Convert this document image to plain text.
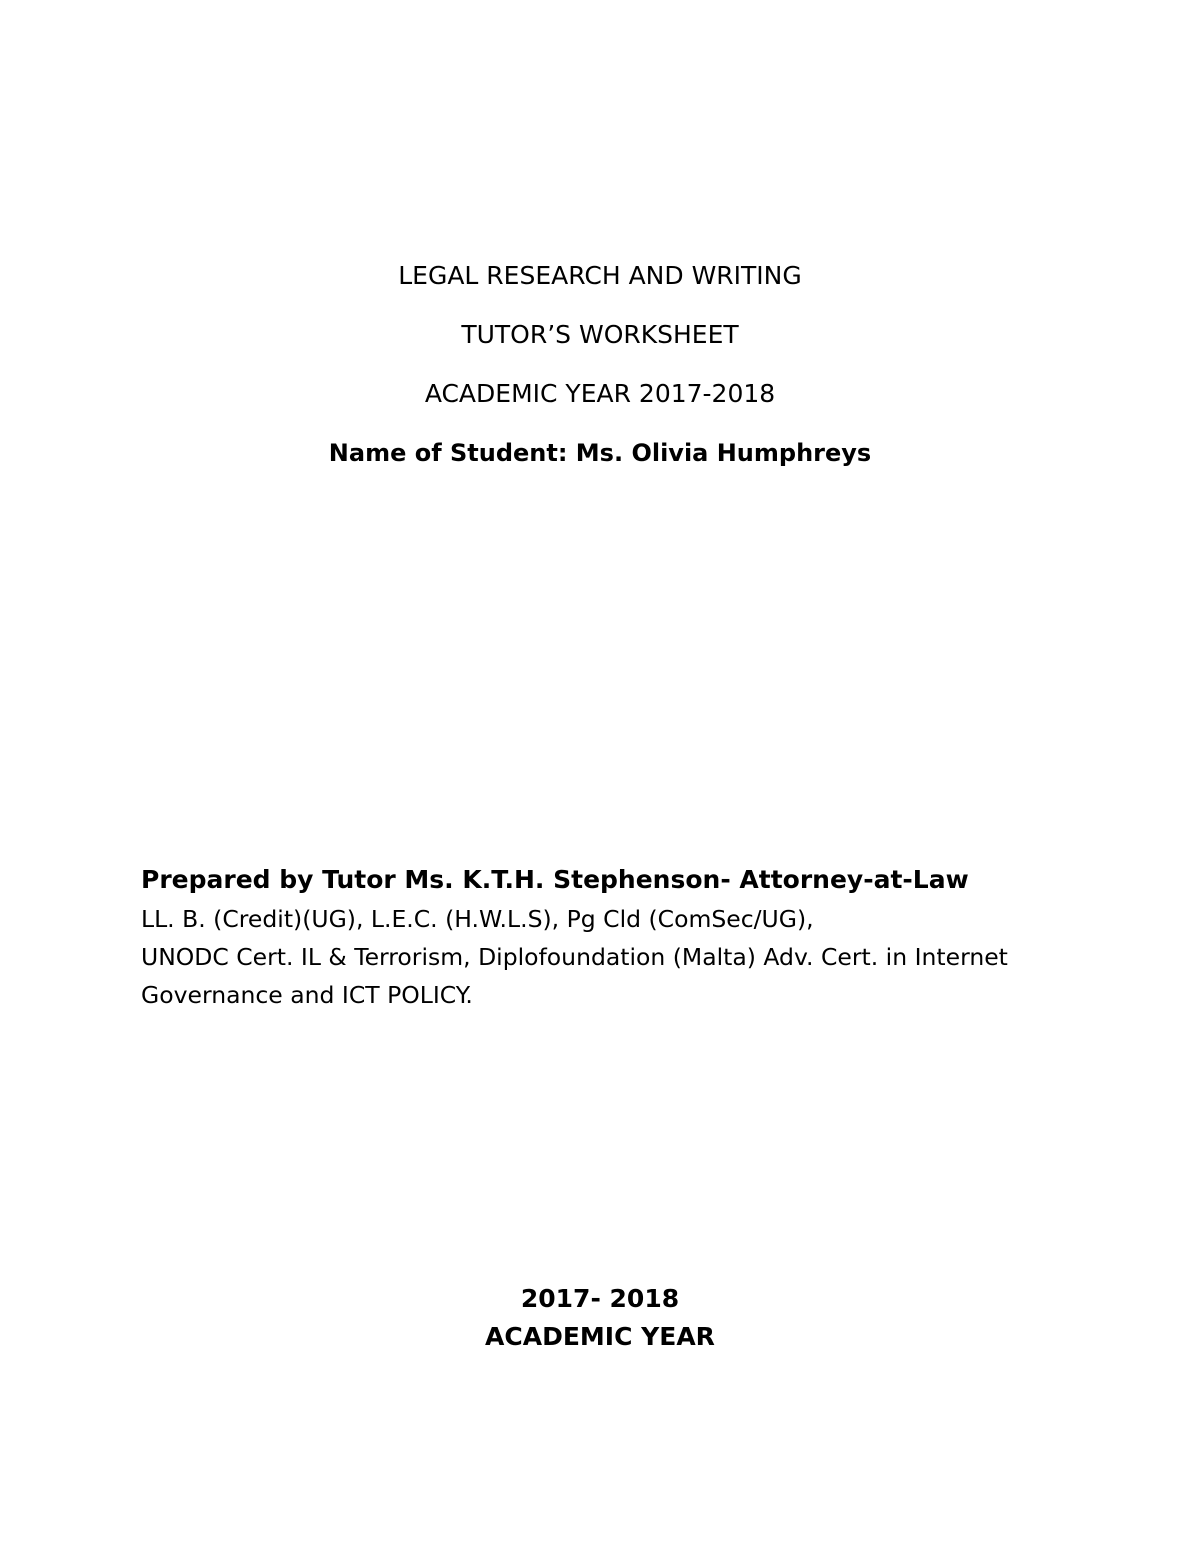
LEGAL RESEARCH AND WRITING
TUTOR’S WORKSHEET
ACADEMIC YEAR 2017-2018
Name of Student: Ms. Olivia Humphreys
Prepared by Tutor Ms. K.T.H. Stephenson- Attorney-at-Law
LL. B. (Credit)(UG), L.E.C. (H.W.L.S), Pg Cld (ComSec/UG),
UNODC Cert. IL & Terrorism, Diplofoundation (Malta) Adv. Cert. in Internet
Governance and ICT POLICY.
2017- 2018
ACADEMIC YEAR
